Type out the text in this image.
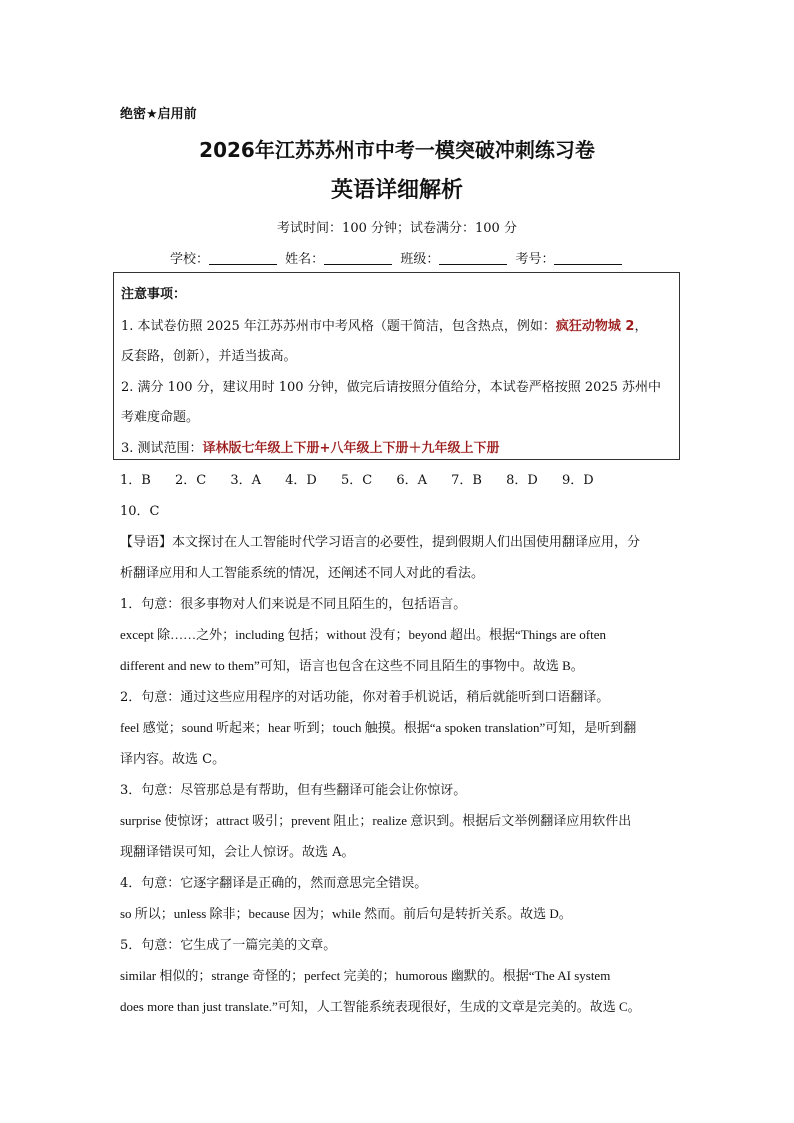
绝密★启用前
2026年江苏苏州市中考一模突破冲刺练习卷
英语详细解析
考试时间：100 分钟；试卷满分：100 分
学校：	姓名：	班级：	考号：
注意事项：
1. 本试卷仿照 2025 年江苏苏州市中考风格（题干简洁，包含热点，例如：疯狂动物城 2，
反套路，创新），并适当拔高。
2. 满分 100 分，建议用时 100 分钟，做完后请按照分值给分，本试卷严格按照 2025 苏州中
考难度命题。
3. 测试范围：译林版七年级上下册+八年级上下册＋九年级上下册
1．B 2．C 3．A 4．D 5．C 6．A 7．B 8．D 9．D
10．C
【导语】本文探讨在人工智能时代学习语言的必要性，提到假期人们出国使用翻译应用，分
析翻译应用和人工智能系统的情况，还阐述不同人对此的看法。
1．句意：很多事物对人们来说是不同且陌生的，包括语言。
except 除……之外；including 包括；without 没有；beyond 超出。根据“Things are often
different and new to them”可知，语言也包含在这些不同且陌生的事物中。故选 B。
2．句意：通过这些应用程序的对话功能，你对着手机说话，稍后就能听到口语翻译。
feel 感觉；sound 听起来；hear 听到；touch 触摸。根据“a spoken translation”可知，是听到翻
译内容。故选 C。
3．句意：尽管那总是有帮助，但有些翻译可能会让你惊讶。
surprise 使惊讶；attract 吸引；prevent 阻止；realize 意识到。根据后文举例翻译应用软件出
现翻译错误可知，会让人惊讶。故选 A。
4．句意：它逐字翻译是正确的，然而意思完全错误。
so 所以；unless 除非；because 因为；while 然而。前后句是转折关系。故选 D。
5．句意：它生成了一篇完美的文章。
similar 相似的；strange 奇怪的；perfect 完美的；humorous 幽默的。根据“The AI system
does more than just translate.”可知，人工智能系统表现很好，生成的文章是完美的。故选 C。
